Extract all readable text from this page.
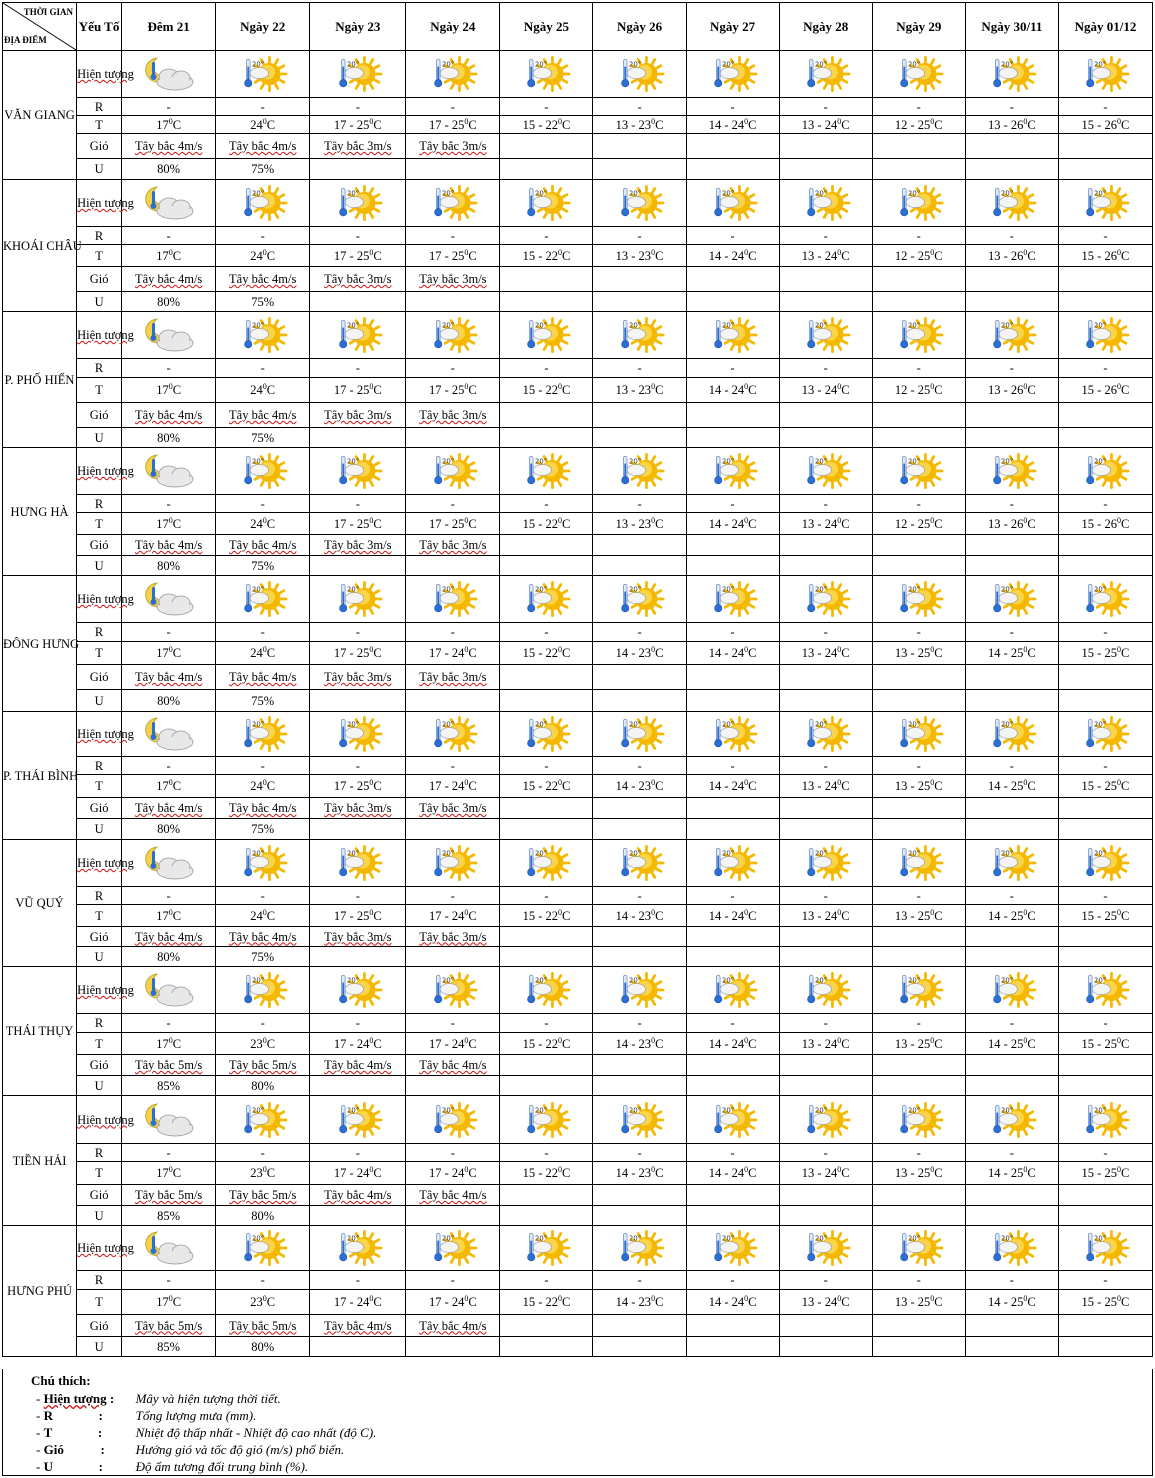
THỜI GIAN
ĐỊA ĐIỂM	Yếu Tố	Đêm 21	Ngày 22	Ngày 23	Ngày 24	Ngày 25	Ngày 26	Ngày 27	Ngày 28	Ngày 29	Ngày 30/11	Ngày 01/12
VĂN GIANG	Hiện tượng		20°	20°	20°	20°	20°	20°	20°	20°	20°	20°

	R	-	-	-	-	-	-	-	-	-	-	-
	T	$17^0C$	$24^0C$	$17 - 25^0C$	$17 - 25^0C$	$15 - 22^0C$	$13 - 23^0C$	$14 - 24^0C$	$13 - 24^0C$	$12 - 25^0C$	$13 - 26^0C$	$15 - 26^0C$
	Gió	Tây bắc 4m/s	Tây bắc 4m/s	Tây bắc 3m/s	Tây bắc 3m/s							
	U	80%	75%									
KHOÁI CHÂU	Hiện tượng		20°	20°	20°	20°	20°	20°	20°	20°	20°	20°

	R	-	-	-	-	-	-	-	-	-	-	-
	T	$17^0C$	$24^0C$	$17 - 25^0C$	$17 - 25^0C$	$15 - 22^0C$	$13 - 23^0C$	$14 - 24^0C$	$13 - 24^0C$	$12 - 25^0C$	$13 - 26^0C$	$15 - 26^0C$
	Gió	Tây bắc 4m/s	Tây bắc 4m/s	Tây bắc 3m/s	Tây bắc 3m/s							
	U	80%	75%									
P. PHỐ HIẾN	Hiện tượng		20°	20°	20°	20°	20°	20°	20°	20°	20°	20°

	R	-	-	-	-	-	-	-	-	-	-	-
	T	$17^0C$	$24^0C$	$17 - 25^0C$	$17 - 25^0C$	$15 - 22^0C$	$13 - 23^0C$	$14 - 24^0C$	$13 - 24^0C$	$12 - 25^0C$	$13 - 26^0C$	$15 - 26^0C$
	Gió	Tây bắc 4m/s	Tây bắc 4m/s	Tây bắc 3m/s	Tây bắc 3m/s							
	U	80%	75%									
HƯNG HÀ	Hiện tượng		20°	20°	20°	20°	20°	20°	20°	20°	20°	20°

	R	-	-	-	-	-	-	-	-	-	-	-
	T	$17^0C$	$24^0C$	$17 - 25^0C$	$17 - 25^0C$	$15 - 22^0C$	$13 - 23^0C$	$14 - 24^0C$	$13 - 24^0C$	$12 - 25^0C$	$13 - 26^0C$	$15 - 26^0C$
	Gió	Tây bắc 4m/s	Tây bắc 4m/s	Tây bắc 3m/s	Tây bắc 3m/s							
	U	80%	75%									
ĐÔNG HƯNG	Hiện tượng		20°	20°	20°	20°	20°	20°	20°	20°	20°	20°

	R	-	-	-	-	-	-	-	-	-	-	-
	T	$17^0C$	$24^0C$	$17 - 25^0C$	$17 - 24^0C$	$15 - 22^0C$	$14 - 23^0C$	$14 - 24^0C$	$13 - 24^0C$	$13 - 25^0C$	$14 - 25^0C$	$15 - 25^0C$
	Gió	Tây bắc 4m/s	Tây bắc 4m/s	Tây bắc 3m/s	Tây bắc 3m/s							
	U	80%	75%									
P. THÁI BÌNH	Hiện tượng		20°	20°	20°	20°	20°	20°	20°	20°	20°	20°

	R	-	-	-	-	-	-	-	-	-	-	-
	T	$17^0C$	$24^0C$	$17 - 25^0C$	$17 - 24^0C$	$15 - 22^0C$	$14 - 23^0C$	$14 - 24^0C$	$13 - 24^0C$	$13 - 25^0C$	$14 - 25^0C$	$15 - 25^0C$
	Gió	Tây bắc 4m/s	Tây bắc 4m/s	Tây bắc 3m/s	Tây bắc 3m/s							
	U	80%	75%									
VŨ QUÝ	Hiện tượng		20°	20°	20°	20°	20°	20°	20°	20°	20°	20°

	R	-	-	-	-	-	-	-	-	-	-	-
	T	$17^0C$	$24^0C$	$17 - 25^0C$	$17 - 24^0C$	$15 - 22^0C$	$14 - 23^0C$	$14 - 24^0C$	$13 - 24^0C$	$13 - 25^0C$	$14 - 25^0C$	$15 - 25^0C$
	Gió	Tây bắc 4m/s	Tây bắc 4m/s	Tây bắc 3m/s	Tây bắc 3m/s							
	U	80%	75%									
THÁI THỤY	Hiện tượng		20°	20°	20°	20°	20°	20°	20°	20°	20°	20°

	R	-	-	-	-	-	-	-	-	-	-	-
	T	$17^0C$	$23^0C$	$17 - 24^0C$	$17 - 24^0C$	$15 - 22^0C$	$14 - 23^0C$	$14 - 24^0C$	$13 - 24^0C$	$13 - 25^0C$	$14 - 25^0C$	$15 - 25^0C$
	Gió	Tây bắc 5m/s	Tây bắc 5m/s	Tây bắc 4m/s	Tây bắc 4m/s							
	U	85%	80%									
TIỀN HẢI	Hiện tượng		20°	20°	20°	20°	20°	20°	20°	20°	20°	20°

	R	-	-	-	-	-	-	-	-	-	-	-
	T	$17^0C$	$23^0C$	$17 - 24^0C$	$17 - 24^0C$	$15 - 22^0C$	$14 - 23^0C$	$14 - 24^0C$	$13 - 24^0C$	$13 - 25^0C$	$14 - 25^0C$	$15 - 25^0C$
	Gió	Tây bắc 5m/s	Tây bắc 5m/s	Tây bắc 4m/s	Tây bắc 4m/s							
	U	85%	80%									
HƯNG PHÚ	Hiện tượng		20°	20°	20°	20°	20°	20°	20°	20°	20°	20°

	R	-	-	-	-	-	-	-	-	-	-	-
	T	$17^0C$	$23^0C$	$17 - 24^0C$	$17 - 24^0C$	$15 - 22^0C$	$14 - 23^0C$	$14 - 24^0C$	$13 - 24^0C$	$13 - 25^0C$	$14 - 25^0C$	$15 - 25^0C$
	Gió	Tây bắc 5m/s	Tây bắc 5m/s	Tây bắc 4m/s	Tây bắc 4m/s							
	U	85%	80%									
Chú thích:
- Hiện tượng : Mây và hiện tượng thời tiết.
- R	:	Tổng lượng mưa (mm).
- T	:	Nhiệt độ thấp nhất - Nhiệt độ cao nhất (độ C).
- Gió	: Hướng gió và tốc độ gió (m/s) phổ biến.
- U	:	Độ ẩm tương đối trung bình (%).
